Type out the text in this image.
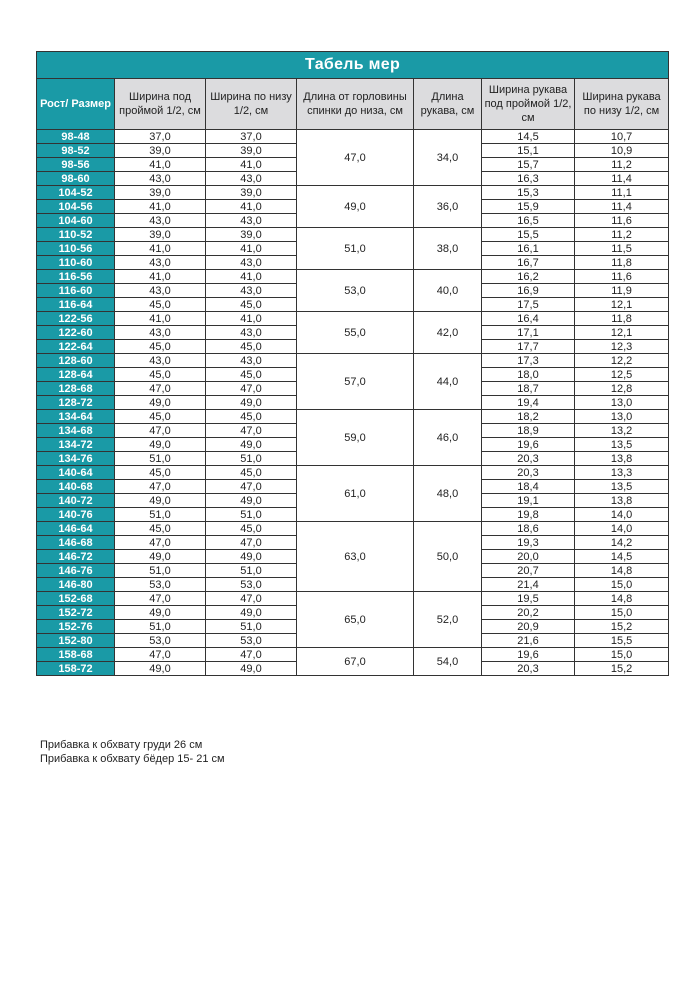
Табель мер						
Рост/ Размер	Ширина под проймой 1/2, см	Ширина по низу 1/2, см	Длина от горловины спинки до низа, см	Длина рукава, см	Ширина рукава под проймой 1/2, см	Ширина рукава по низу 1/2, см
98-48	37,0	37,0	47,0	34,0	14,5	10,7
98-52	39,0	39,0			15,1	10,9
98-56	41,0	41,0			15,7	11,2
98-60	43,0	43,0			16,3	11,4
104-52	39,0	39,0	49,0	36,0	15,3	11,1
104-56	41,0	41,0			15,9	11,4
104-60	43,0	43,0			16,5	11,6
110-52	39,0	39,0	51,0	38,0	15,5	11,2
110-56	41,0	41,0			16,1	11,5
110-60	43,0	43,0			16,7	11,8
116-56	41,0	41,0	53,0	40,0	16,2	11,6
116-60	43,0	43,0			16,9	11,9
116-64	45,0	45,0			17,5	12,1
122-56	41,0	41,0	55,0	42,0	16,4	11,8
122-60	43,0	43,0			17,1	12,1
122-64	45,0	45,0			17,7	12,3
128-60	43,0	43,0	57,0	44,0	17,3	12,2
128-64	45,0	45,0			18,0	12,5
128-68	47,0	47,0			18,7	12,8
128-72	49,0	49,0			19,4	13,0
134-64	45,0	45,0	59,0	46,0	18,2	13,0
134-68	47,0	47,0			18,9	13,2
134-72	49,0	49,0			19,6	13,5
134-76	51,0	51,0			20,3	13,8
140-64	45,0	45,0	61,0	48,0	20,3	13,3
140-68	47,0	47,0			18,4	13,5
140-72	49,0	49,0			19,1	13,8
140-76	51,0	51,0			19,8	14,0
146-64	45,0	45,0	63,0	50,0	18,6	14,0
146-68	47,0	47,0			19,3	14,2
146-72	49,0	49,0			20,0	14,5
146-76	51,0	51,0			20,7	14,8
146-80	53,0	53,0			21,4	15,0
152-68	47,0	47,0	65,0	52,0	19,5	14,8
152-72	49,0	49,0			20,2	15,0
152-76	51,0	51,0			20,9	15,2
152-80	53,0	53,0			21,6	15,5
158-68	47,0	47,0	67,0	54,0	19,6	15,0
158-72	49,0	49,0			20,3	15,2
Прибавка к обхвату груди 26 см
Прибавка к обхвату бёдер 15- 21 см
